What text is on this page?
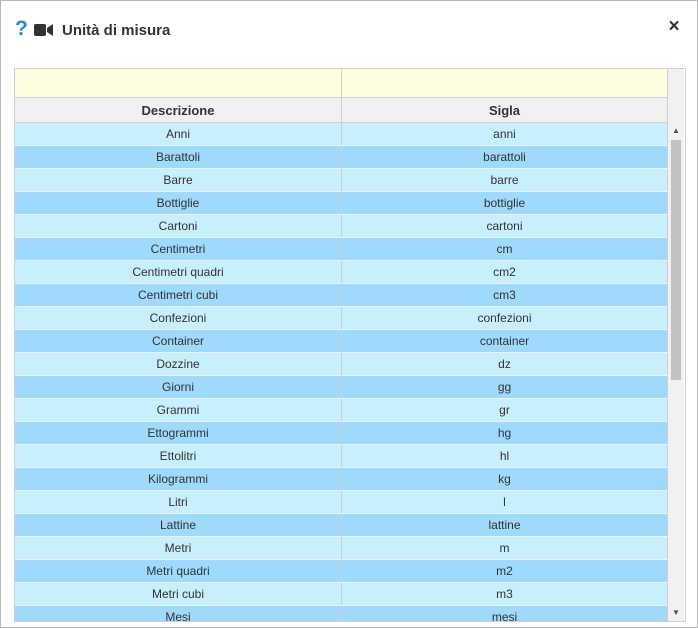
? Unità di misura	×
Descrizione	Sigla
Anni	anni
Barattoli	barattoli
Barre	barre
Bottiglie	bottiglie
Cartoni	cartoni
Centimetri	cm
Centimetri quadri	cm2
Centimetri cubi	cm3
Confezioni	confezioni
Container	container
Dozzine	dz
Giorni	gg
Grammi	gr
Ettogrammi	hg
Ettolitri	hl
Kilogrammi	kg
Litri	l
Lattine	lattine
Metri	m
Metri quadri	m2
Metri cubi	m3
Mesi	mesi
▲
▼
